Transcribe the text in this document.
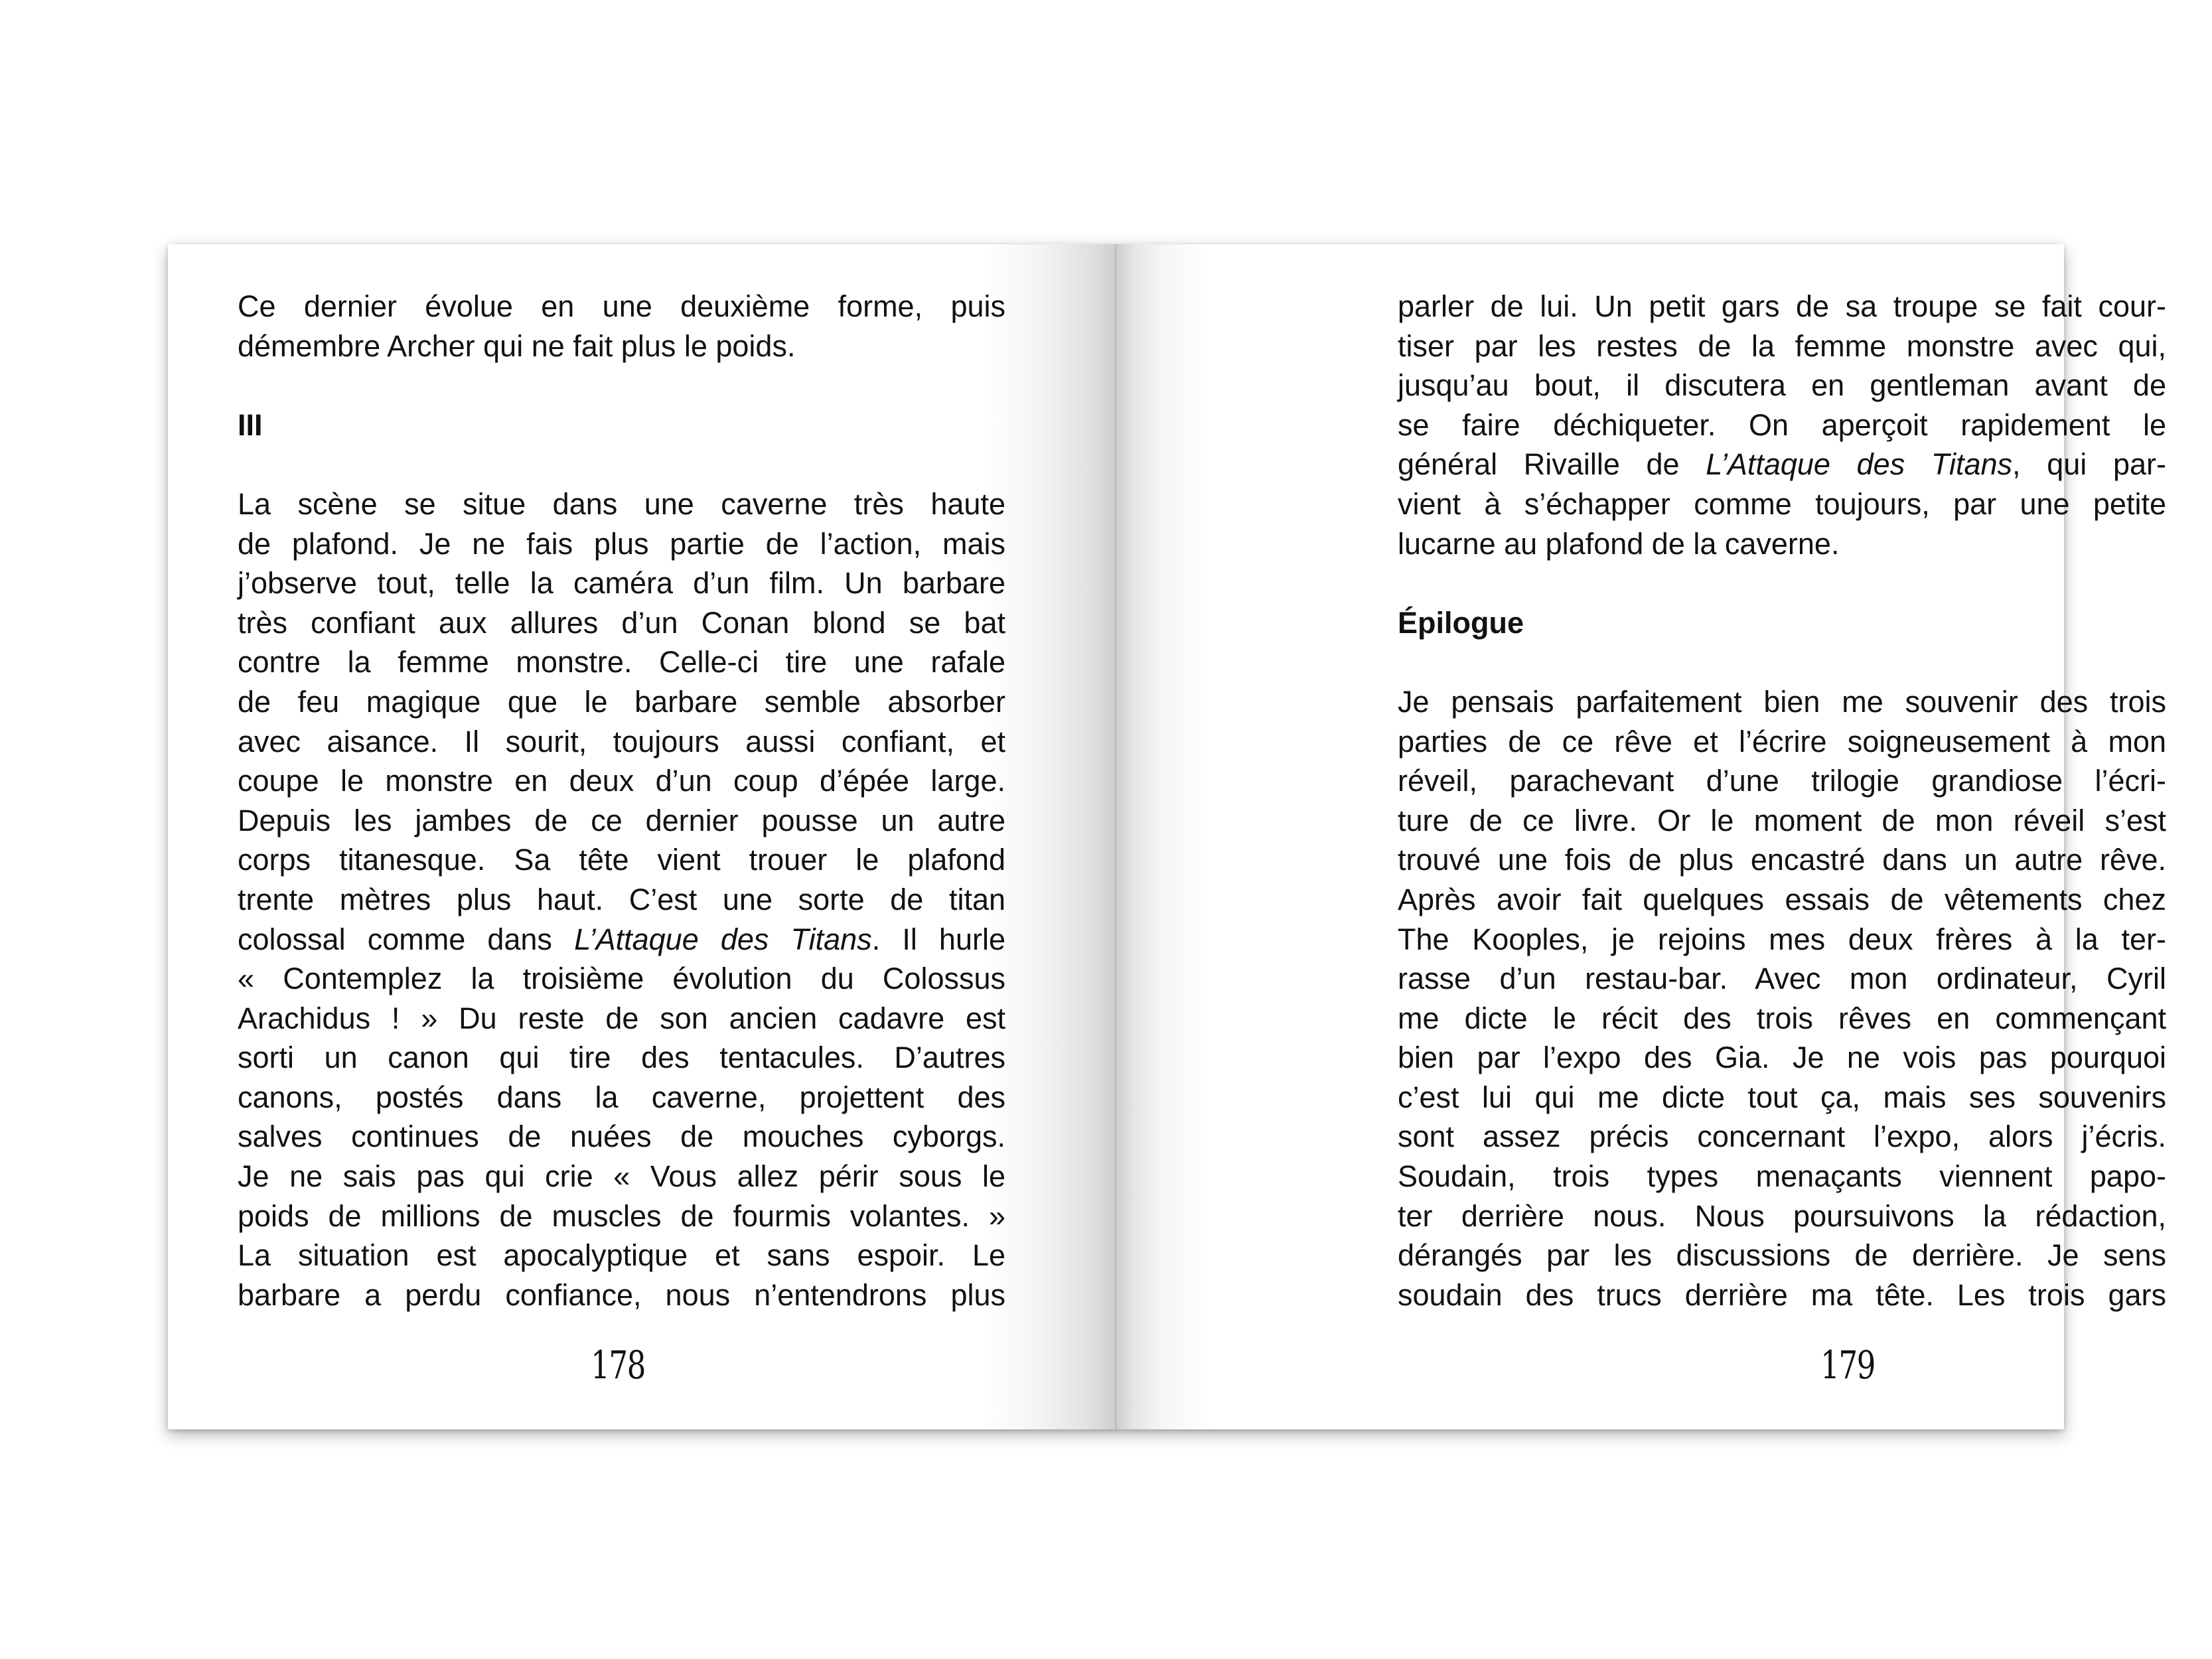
Ce dernier évolue en une deuxième forme, puis

démembre Archer qui ne fait plus le poids.

III

La scène se situe dans une caverne très haute

de plafond. Je ne fais plus partie de l’action, mais

j’observe tout, telle la caméra d’un film. Un barbare

très confiant aux allures d’un Conan blond se bat

contre la femme monstre. Celle-ci tire une rafale

de feu magique que le barbare semble absorber

avec aisance. Il sourit, toujours aussi confiant, et

coupe le monstre en deux d’un coup d’épée large.

Depuis les jambes de ce dernier pousse un autre

corps titanesque. Sa tête vient trouer le plafond

trente mètres plus haut. C’est une sorte de titan

colossal comme dans L’Attaque des Titans. Il hurle

« Contemplez la troisième évolution du Colossus

Arachidus ! » Du reste de son ancien cadavre est

sorti un canon qui tire des tentacules. D’autres

canons, postés dans la caverne, projettent des

salves continues de nuées de mouches cyborgs.

Je ne sais pas qui crie « Vous allez périr sous le

poids de millions de muscles de fourmis volantes. »

La situation est apocalyptique et sans espoir. Le

barbare a perdu confiance, nous n’entendrons plus

178

parler de lui. Un petit gars de sa troupe se fait cour-

tiser par les restes de la femme monstre avec qui,

jusqu’au bout, il discutera en gentleman avant de

se faire déchiqueter. On aperçoit rapidement le

général Rivaille de L’Attaque des Titans, qui par-

vient à s’échapper comme toujours, par une petite

lucarne au plafond de la caverne.

Épilogue

Je pensais parfaitement bien me souvenir des trois

parties de ce rêve et l’écrire soigneusement à mon

réveil, parachevant d’une trilogie grandiose l’écri-

ture de ce livre. Or le moment de mon réveil s’est

trouvé une fois de plus encastré dans un autre rêve.

Après avoir fait quelques essais de vêtements chez

The Kooples, je rejoins mes deux frères à la ter-

rasse d’un restau-bar. Avec mon ordinateur, Cyril

me dicte le récit des trois rêves en commençant

bien par l’expo des Gia. Je ne vois pas pourquoi

c’est lui qui me dicte tout ça, mais ses souvenirs

sont assez précis concernant l’expo, alors j’écris.

Soudain, trois types menaçants viennent papo-

ter derrière nous. Nous poursuivons la rédaction,

dérangés par les discussions de derrière. Je sens

soudain des trucs derrière ma tête. Les trois gars

179
